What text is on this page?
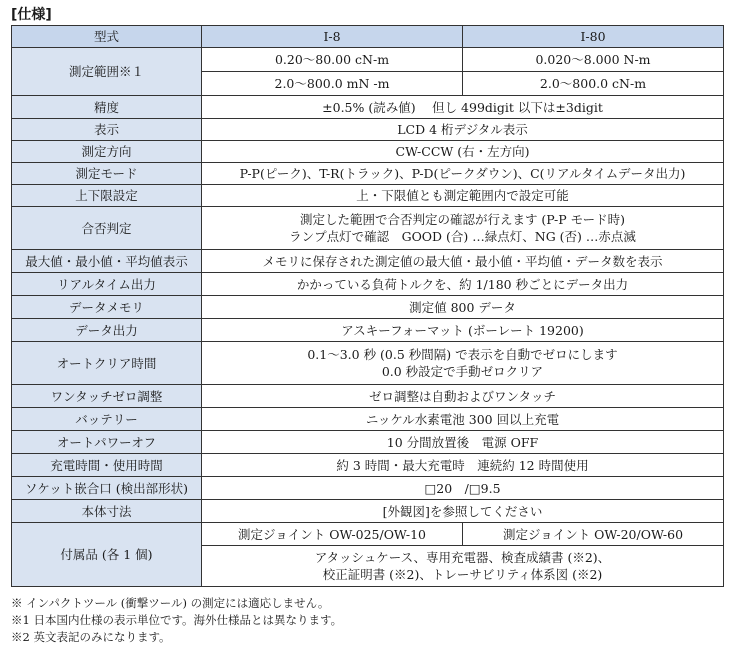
[仕様]
型式	I-8	I-80
測定範囲※１	0.20～80.00 cN-m	0.020～8.000 N-m
	2.0～800.0 mN -m	2.0～800.0 cN-m
精度	±0.5% (読み値)　 但し 499digit 以下は±3digit	
表示	LCD 4 桁デジタル表示	
測定方向	CW-CCW (右・左方向)	
測定モード	P-P(ピーク)、T-R(トラック)、P-D(ピークダウン)、C(リアルタイムデータ出力)	
上下限設定	上・下限値とも測定範囲内で設定可能	
合否判定	測定した範囲で合否判定の確認が行えます (P-P モード時)
ランプ点灯で確認　GOOD (合) …緑点灯、NG (否) …赤点滅	

最大値・最小値・平均値表示	メモリに保存された測定値の最大値・最小値・平均値・データ数を表示	
リアルタイム出力	かかっている負荷トルクを、約 1/180 秒ごとにデータ出力	
データメモリ	測定値 800 データ	
データ出力	アスキーフォーマット (ボーレート 19200)	
オートクリア時間	0.1～3.0 秒 (0.5 秒間隔) で表示を自動でゼロにします
0.0 秒設定で手動ゼロクリア	

ワンタッチゼロ調整	ゼロ調整は自動およびワンタッチ	
バッテリー	ニッケル水素電池 300 回以上充電	
オートパワーオフ	10 分間放置後　電源 OFF	
充電時間・使用時間	約 3 時間・最大充電時　連続約 12 時間使用	
ソケット嵌合口 (検出部形状)	□20　/□9.5	
本体寸法	[外観図]を参照してください	
付属品 (各 1 個)	測定ジョイント OW-025/OW-10	測定ジョイント OW-20/OW-60

	アタッシュケース、専用充電器、検査成績書 (※2)、
校正証明書 (※2)、トレーサビリティ体系図 (※2)	
※ インパクトツール (衝撃ツール) の測定には適応しません。
※1 日本国内仕様の表示単位です。海外仕様品とは異なります。
※2 英文表記のみになります。
